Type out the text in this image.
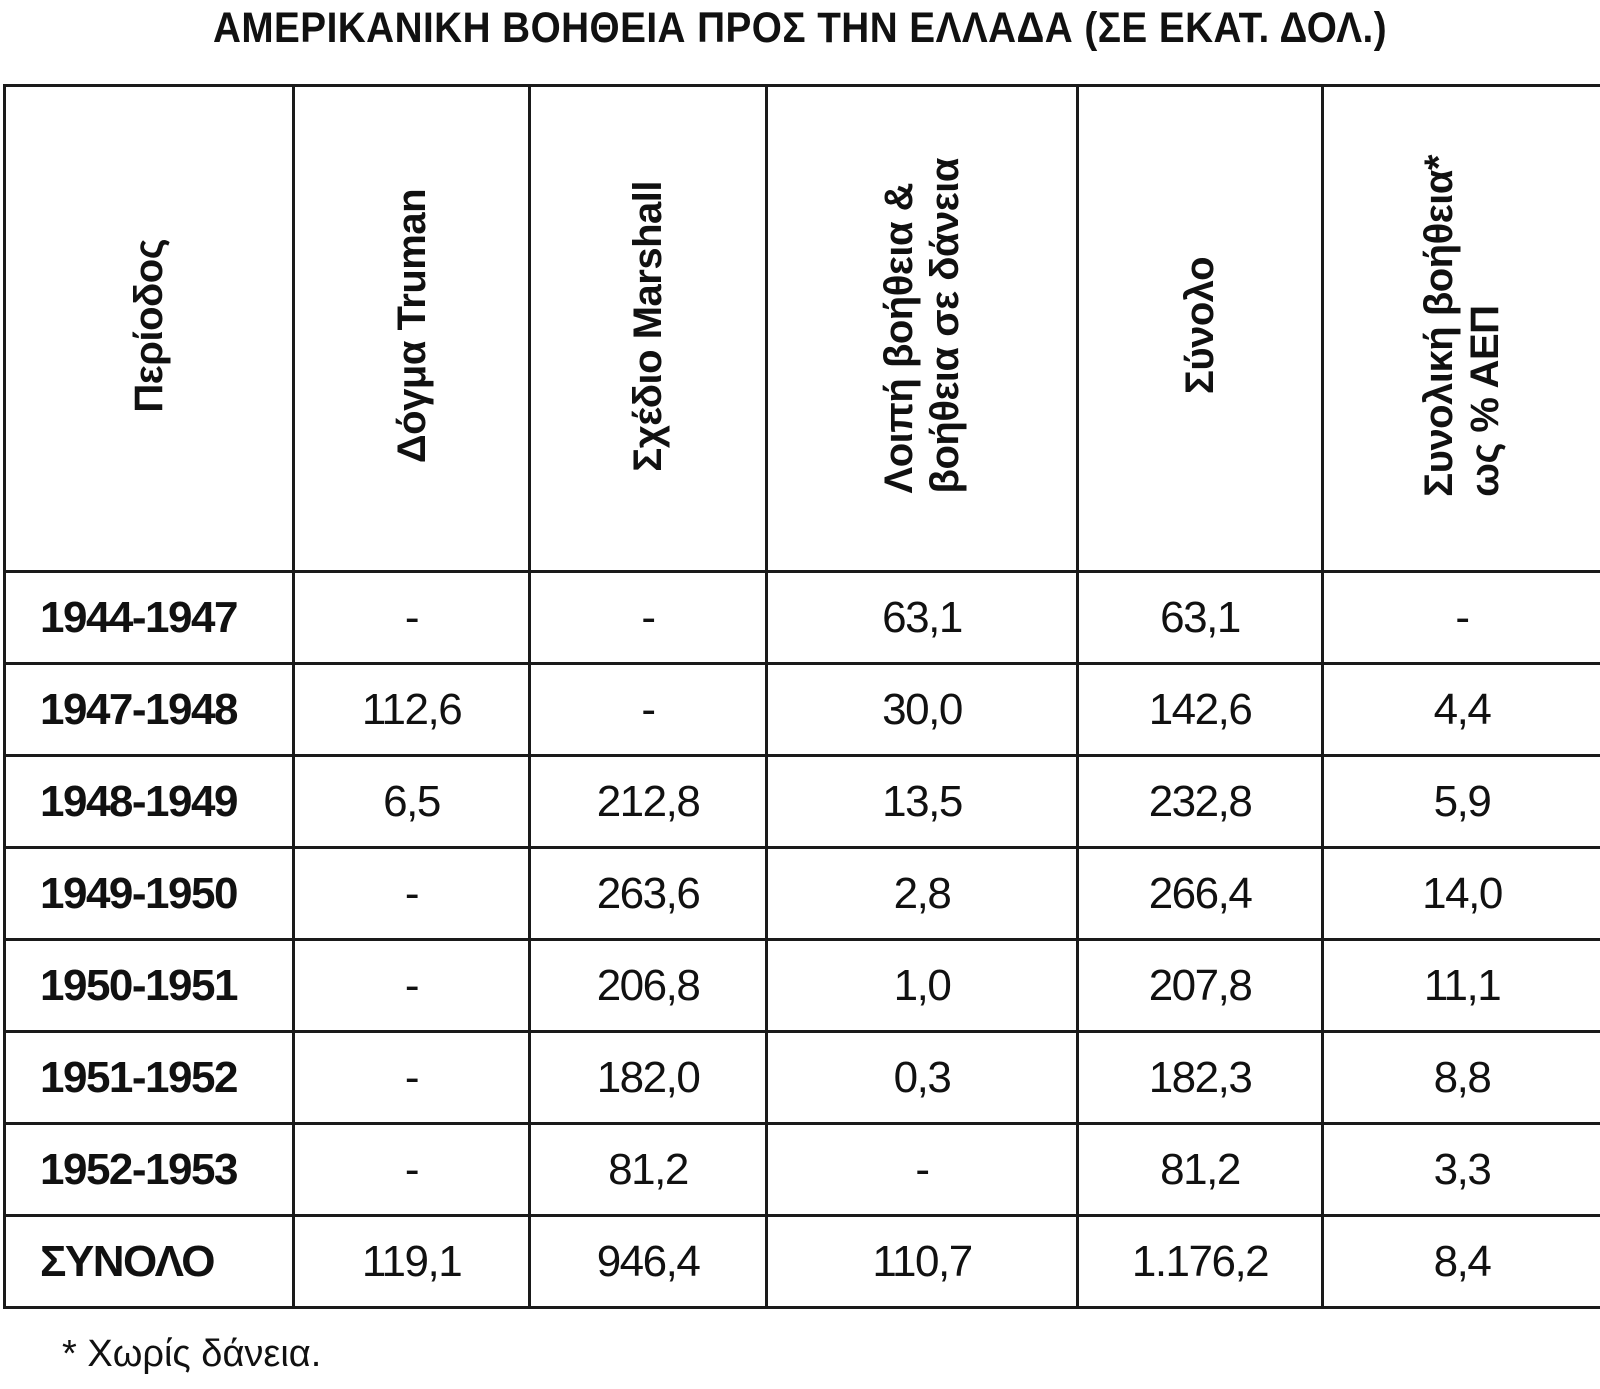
ΑΜΕΡΙΚΑΝΙΚΗ ΒΟΗΘΕΙΑ ΠΡΟΣ ΤΗΝ ΕΛΛΑΔΑ (ΣΕ ΕΚΑΤ. ΔΟΛ.)
Περίοδος	Δόγμα Truman	Σχέδιο Marshall	Λοιπή βοήθεια & βοήθεια σε δάνεια	Σύνολο	Συνολική βοήθεια* ως % ΑΕΠ

1944-1947	-	-	63,1	63,1	-
1947-1948	112,6	-	30,0	142,6	4,4
1948-1949	6,5	212,8	13,5	232,8	5,9
1949-1950	-	263,6	2,8	266,4	14,0
1950-1951	-	206,8	1,0	207,8	11,1
1951-1952	-	182,0	0,3	182,3	8,8
1952-1953	-	81,2	-	81,2	3,3
ΣΥΝΟΛΟ	119,1	946,4	110,7	1.176,2	8,4
* Χωρίς δάνεια.
